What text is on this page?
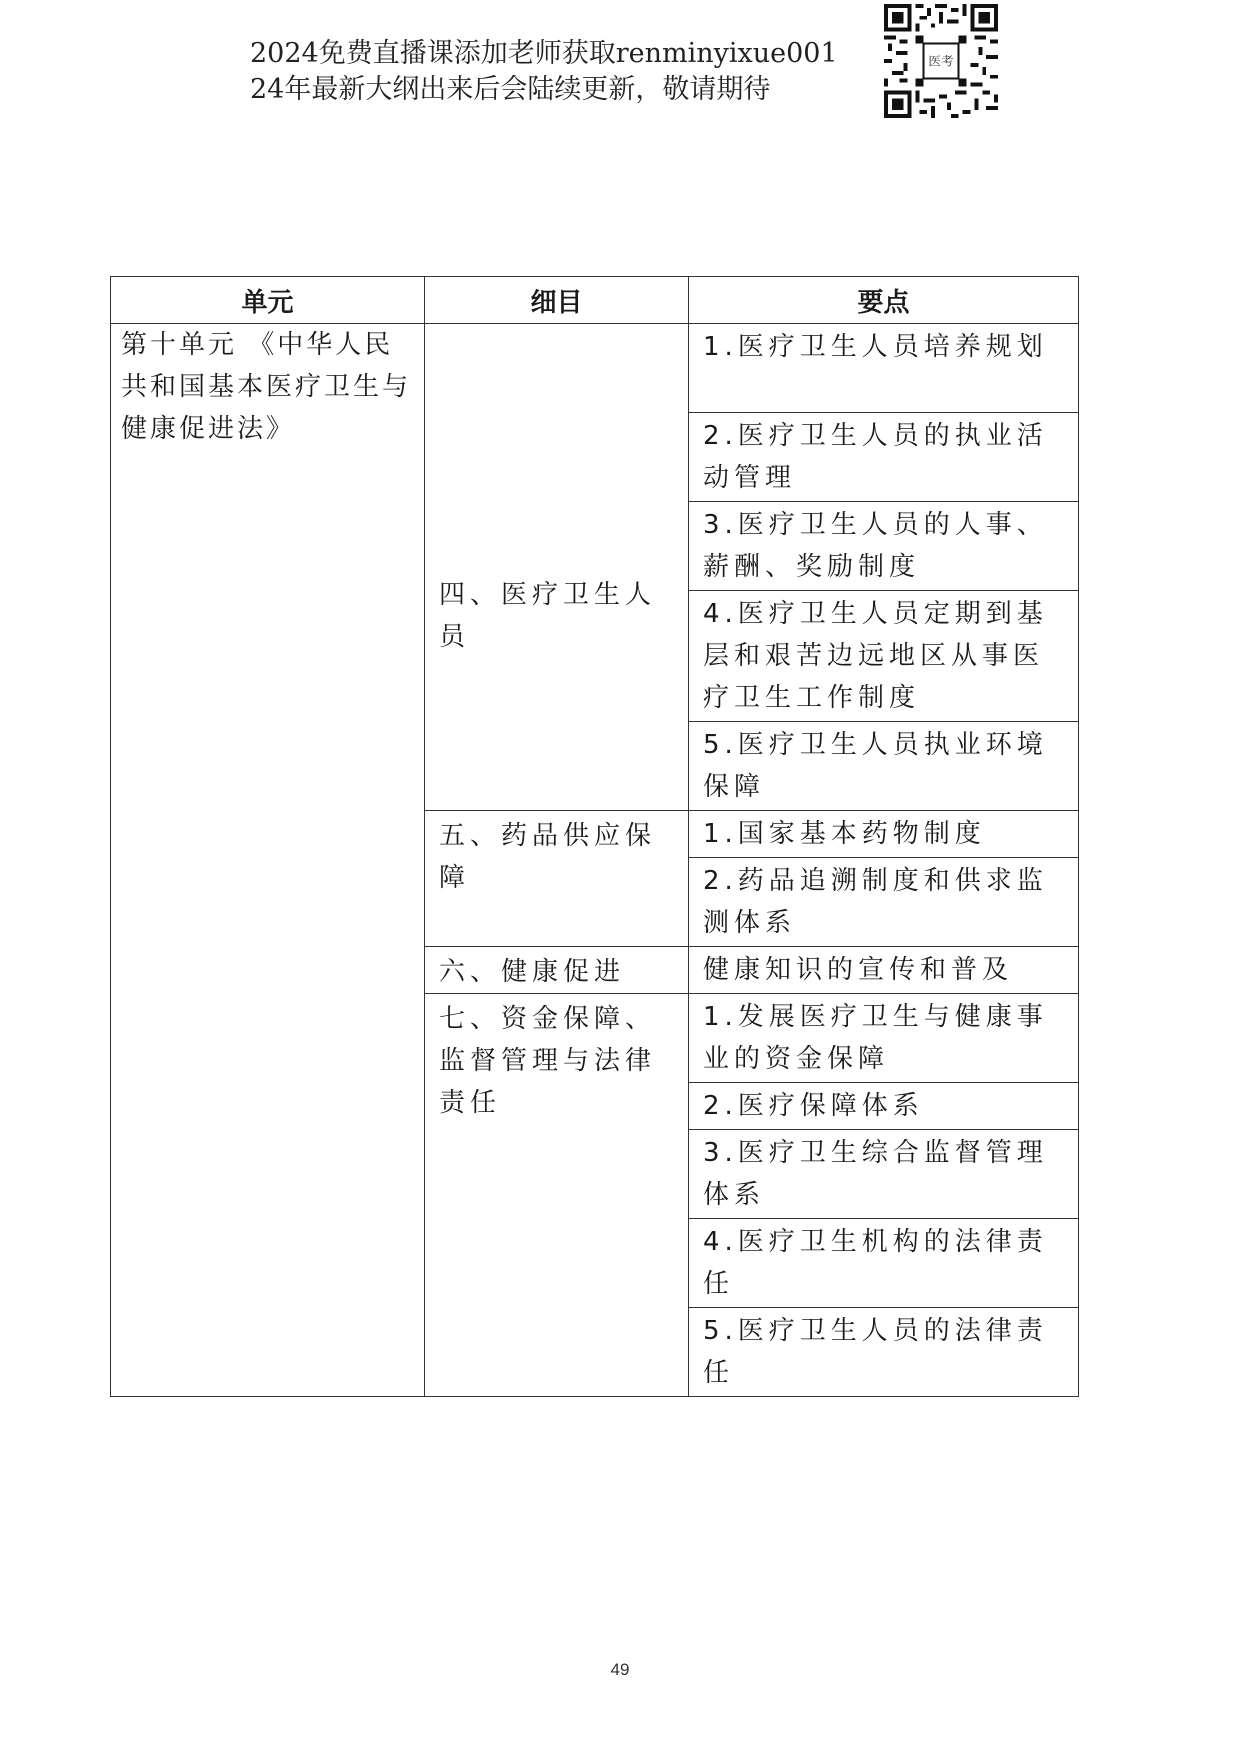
2024免费直播课添加老师获取renminyixue001
24年最新大纲出来后会陆续更新，敬请期待
医考
单元	细目	要点
第十单元 《中华人民共和国基本医疗卫生与健康促进法》	四、医疗卫生人员	1.医疗卫生人员培养规划
		2.医疗卫生人员的执业活动管理
		3.医疗卫生人员的人事、薪酬、奖励制度
		4.医疗卫生人员定期到基层和艰苦边远地区从事医疗卫生工作制度
		5.医疗卫生人员执业环境保障
	五、药品供应保障	1.国家基本药物制度
		2.药品追溯制度和供求监测体系
	六、健康促进	健康知识的宣传和普及
	七、资金保障、监督管理与法律责任	1.发展医疗卫生与健康事业的资金保障
		2.医疗保障体系
		3.医疗卫生综合监督管理体系
		4.医疗卫生机构的法律责任
		5.医疗卫生人员的法律责任
49
